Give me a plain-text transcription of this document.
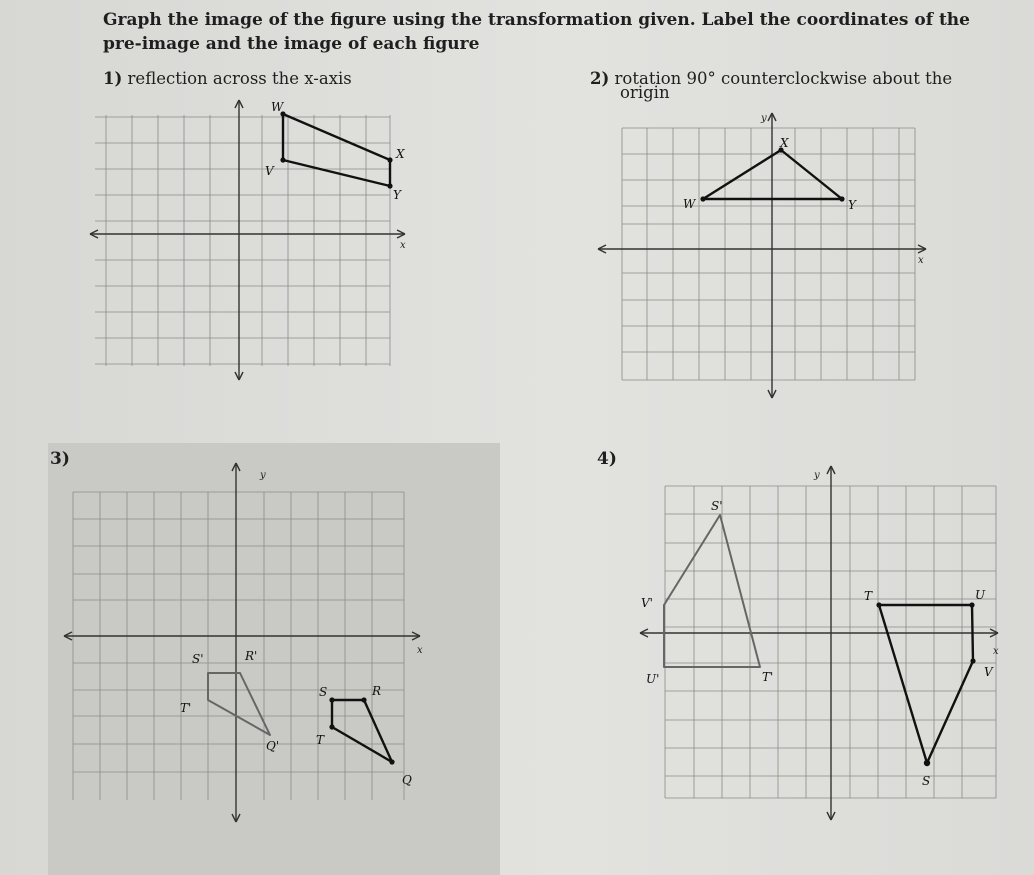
Graph the image of the figure using the transformation given. Label the coordinates of the
pre-image and the image of each figure
1) reflection across the x-axis	2) rotation 90° counterclockwise about the
origin
3)	4)
x
W
X
V
Y
x
y
X
W	Y
x
y
S'	R'
T'
Q'
S	R
T
Q
x
y
S'
V'
U'	T'
T	U
V
S
